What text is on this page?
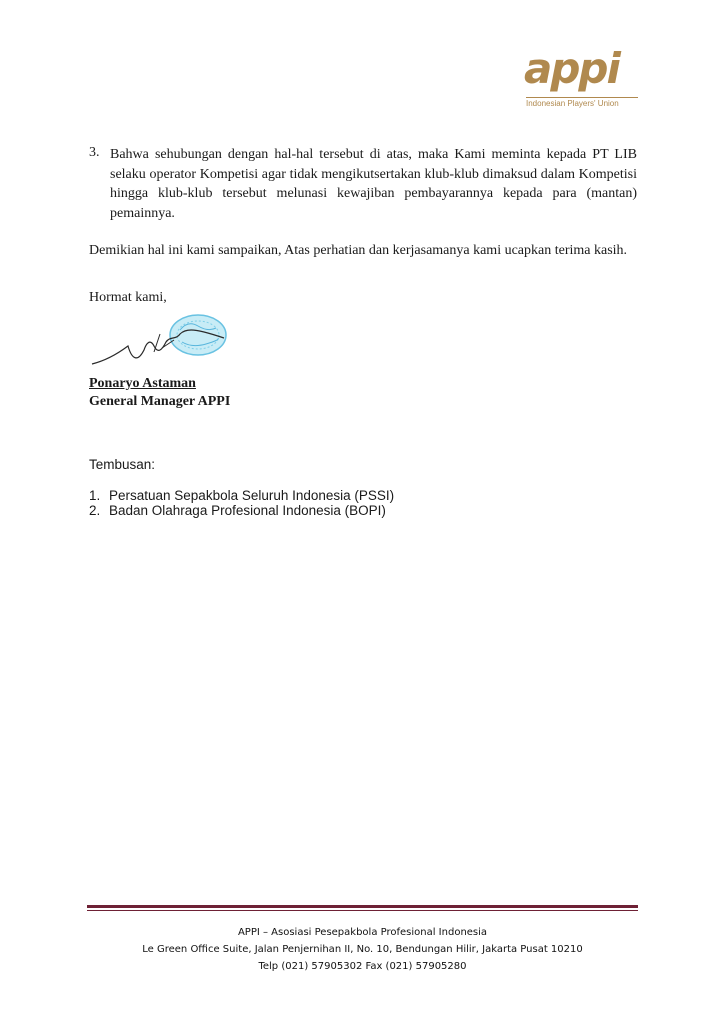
appi
Indonesian Players' Union
3. Bahwa sehubungan dengan hal-hal tersebut di atas, maka Kami meminta kepada PT LIB selaku operator Kompetisi agar tidak mengikutsertakan klub-klub dimaksud dalam Kompetisi hingga klub-klub tersebut melunasi kewajiban pembayarannya kepada para (mantan) pemainnya.

Demikian hal ini kami sampaikan, Atas perhatian dan kerjasamanya kami ucapkan terima kasih.

Hormat kami,
Ponaryo Astaman
General Manager APPI
Tembusan:
1. Persatuan Sepakbola Seluruh Indonesia (PSSI)
2. Badan Olahraga Profesional Indonesia (BOPI)
APPI – Asosiasi Pesepakbola Profesional Indonesia
Le Green Office Suite, Jalan Penjernihan II, No. 10, Bendungan Hilir, Jakarta Pusat 10210
Telp (021) 57905302 Fax (021) 57905280
